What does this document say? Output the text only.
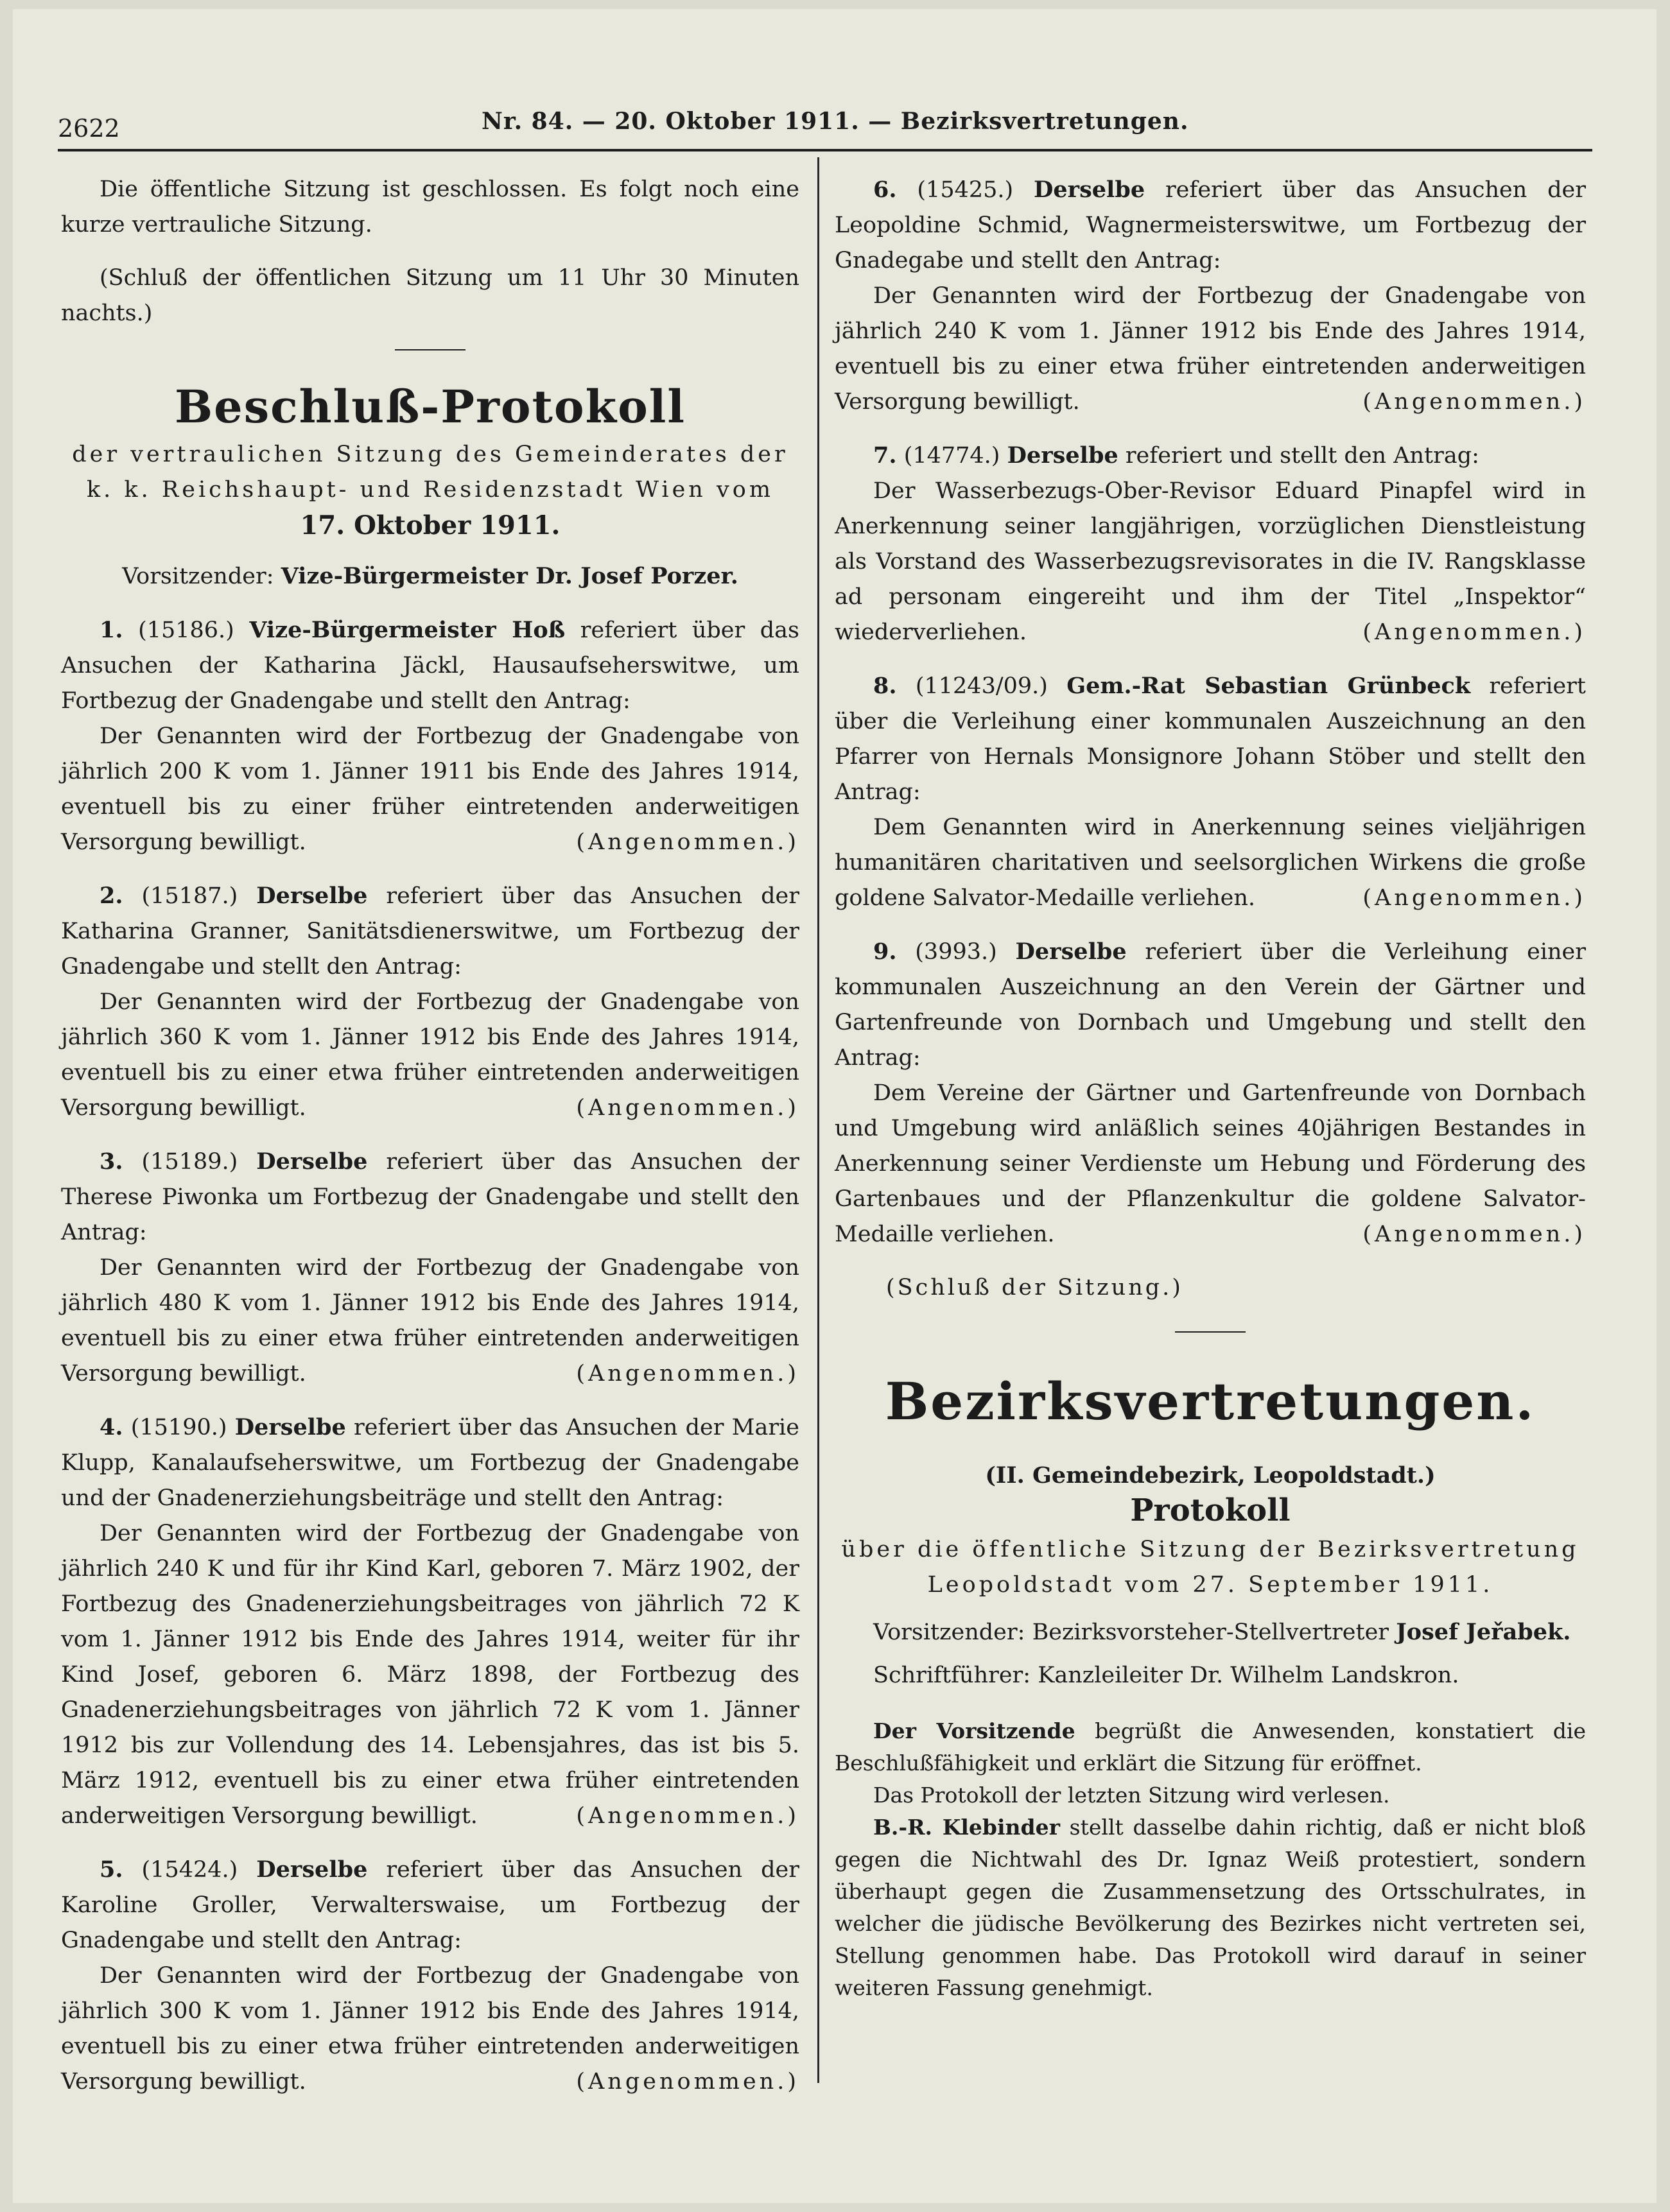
2622	Nr. 84. — 20. Oktober 1911. — Bezirksvertretungen.

Die öffentliche Sitzung ist geschlossen. Es folgt noch eine kurze vertrauliche Sitzung.

(Schluß der öffentlichen Sitzung um 11 Uhr 30 Minuten nachts.)

Beschluß-Protokoll

der vertraulichen Sitzung des Gemeinderates der k. k. Reichshaupt- und Residenzstadt Wien vom

17. Oktober 1911.

Vorsitzender: Vize-Bürgermeister Dr. Josef Porzer.

1. (15186.) Vize-Bürgermeister Hoß referiert über das Ansuchen der Katharina Jäckl, Hausaufseherswitwe, um Fortbezug der Gnadengabe und stellt den Antrag:

Der Genannten wird der Fortbezug der Gnadengabe von jährlich 200 K vom 1. Jänner 1911 bis Ende des Jahres 1914, eventuell bis zu einer früher eintretenden anderweitigen Versorgung bewilligt.	(Angenommen.)

2. (15187.) Derselbe referiert über das Ansuchen der Katharina Granner, Sanitätsdienerswitwe, um Fortbezug der Gnadengabe und stellt den Antrag:

Der Genannten wird der Fortbezug der Gnadengabe von jährlich 360 K vom 1. Jänner 1912 bis Ende des Jahres 1914, eventuell bis zu einer etwa früher eintretenden anderweitigen Versorgung bewilligt.	(Angenommen.)

3. (15189.) Derselbe referiert über das Ansuchen der Therese Piwonka um Fortbezug der Gnadengabe und stellt den Antrag:

Der Genannten wird der Fortbezug der Gnadengabe von jährlich 480 K vom 1. Jänner 1912 bis Ende des Jahres 1914, eventuell bis zu einer etwa früher eintretenden anderweitigen Versorgung bewilligt.	(Angenommen.)

4. (15190.) Derselbe referiert über das Ansuchen der Marie Klupp, Kanalaufseherswitwe, um Fortbezug der Gnadengabe und der Gnadenerziehungsbeiträge und stellt den Antrag:

Der Genannten wird der Fortbezug der Gnadengabe von jährlich 240 K und für ihr Kind Karl, geboren 7. März 1902, der Fortbezug des Gnadenerziehungsbeitrages von jährlich 72 K vom 1. Jänner 1912 bis Ende des Jahres 1914, weiter für ihr Kind Josef, geboren 6. März 1898, der Fortbezug des Gnadenerziehungsbeitrages von jährlich 72 K vom 1. Jänner 1912 bis zur Vollendung des 14. Lebensjahres, das ist bis 5. März 1912, eventuell bis zu einer etwa früher eintretenden anderweitigen Versorgung bewilligt.	(Angenommen.)

5. (15424.) Derselbe referiert über das Ansuchen der Karoline Groller, Verwalterswaise, um Fortbezug der Gnadengabe und stellt den Antrag:

Der Genannten wird der Fortbezug der Gnadengabe von jährlich 300 K vom 1. Jänner 1912 bis Ende des Jahres 1914, eventuell bis zu einer etwa früher eintretenden anderweitigen Versorgung bewilligt.	(Angenommen.)

6. (15425.) Derselbe referiert über das Ansuchen der Leopoldine Schmid, Wagnermeisterswitwe, um Fortbezug der Gnadegabe und stellt den Antrag:

Der Genannten wird der Fortbezug der Gnadengabe von jährlich 240 K vom 1. Jänner 1912 bis Ende des Jahres 1914, eventuell bis zu einer etwa früher eintretenden anderweitigen Versorgung bewilligt.	(Angenommen.)

7. (14774.) Derselbe referiert und stellt den Antrag:

Der Wasserbezugs-Ober-Revisor Eduard Pinapfel wird in Anerkennung seiner langjährigen, vorzüglichen Dienstleistung als Vorstand des Wasserbezugsrevisorates in die IV. Rangsklasse ad personam eingereiht und ihm der Titel „Inspektor“ wiederverliehen.	(Angenommen.)

8. (11243/09.) Gem.-Rat Sebastian Grünbeck referiert über die Verleihung einer kommunalen Auszeichnung an den Pfarrer von Hernals Monsignore Johann Stöber und stellt den Antrag:

Dem Genannten wird in Anerkennung seines vieljährigen humanitären charitativen und seelsorglichen Wirkens die große goldene Salvator-Medaille verliehen.	(Angenommen.)

9. (3993.) Derselbe referiert über die Verleihung einer kommunalen Auszeichnung an den Verein der Gärtner und Gartenfreunde von Dornbach und Umgebung und stellt den Antrag:

Dem Vereine der Gärtner und Gartenfreunde von Dornbach und Umgebung wird anläßlich seines 40jährigen Bestandes in Anerkennung seiner Verdienste um Hebung und Förderung des Gartenbaues und der Pflanzenkultur die goldene Salvator-Medaille verliehen.	(Angenommen.)

(Schluß der Sitzung.)

Bezirksvertretungen.

(II. Gemeindebezirk, Leopoldstadt.)

Protokoll

über die öffentliche Sitzung der Bezirksvertretung

Leopoldstadt vom 27. September 1911.

Vorsitzender: Bezirksvorsteher-Stellvertreter Josef Jeřabek.

Schriftführer: Kanzleileiter Dr. Wilhelm Landskron.

Der Vorsitzende begrüßt die Anwesenden, konstatiert die Beschlußfähigkeit und erklärt die Sitzung für eröffnet.

Das Protokoll der letzten Sitzung wird verlesen.

B.-R. Klebinder stellt dasselbe dahin richtig, daß er nicht bloß gegen die Nichtwahl des Dr. Ignaz Weiß protestiert, sondern überhaupt gegen die Zusammensetzung des Ortsschulrates, in welcher die jüdische Bevölkerung des Bezirkes nicht vertreten sei, Stellung genommen habe. Das Protokoll wird darauf in seiner weiteren Fassung genehmigt.
